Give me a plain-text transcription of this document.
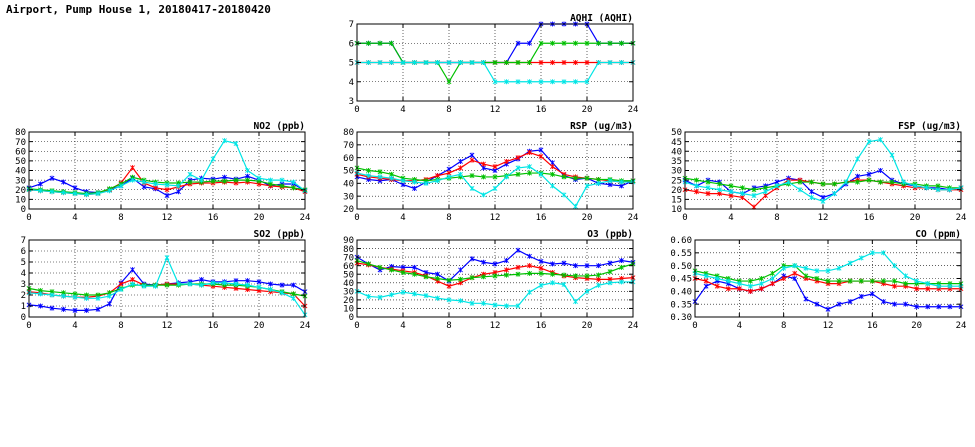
Airport, Pump House 1, 20180417-20180420
0	4	8	12	16	20	24
3
4
5
6
7
AQHI (AQHI)
0	4	8	12	16	20	24
0
10
20
30
40
50
60
70
80
NO2 (ppb)
0	4	8	12	16	20	24
20
30
40
50
60
70
80
RSP (ug/m3)
0	4	8	12	16	20	24
10
15
20
25
30
35
40
45
50
FSP (ug/m3)
0	4	8	12	16	20	24
0
1
2
3
4
5
6
7
SO2 (ppb)
0	4	8	12	16	20	24
0
10
20
30
40
50
60
70
80
90
O3 (ppb)
0	4	8	12	16	20	24
0.30
0.35
0.40
0.45
0.50
0.55
0.60
CO (ppm)
